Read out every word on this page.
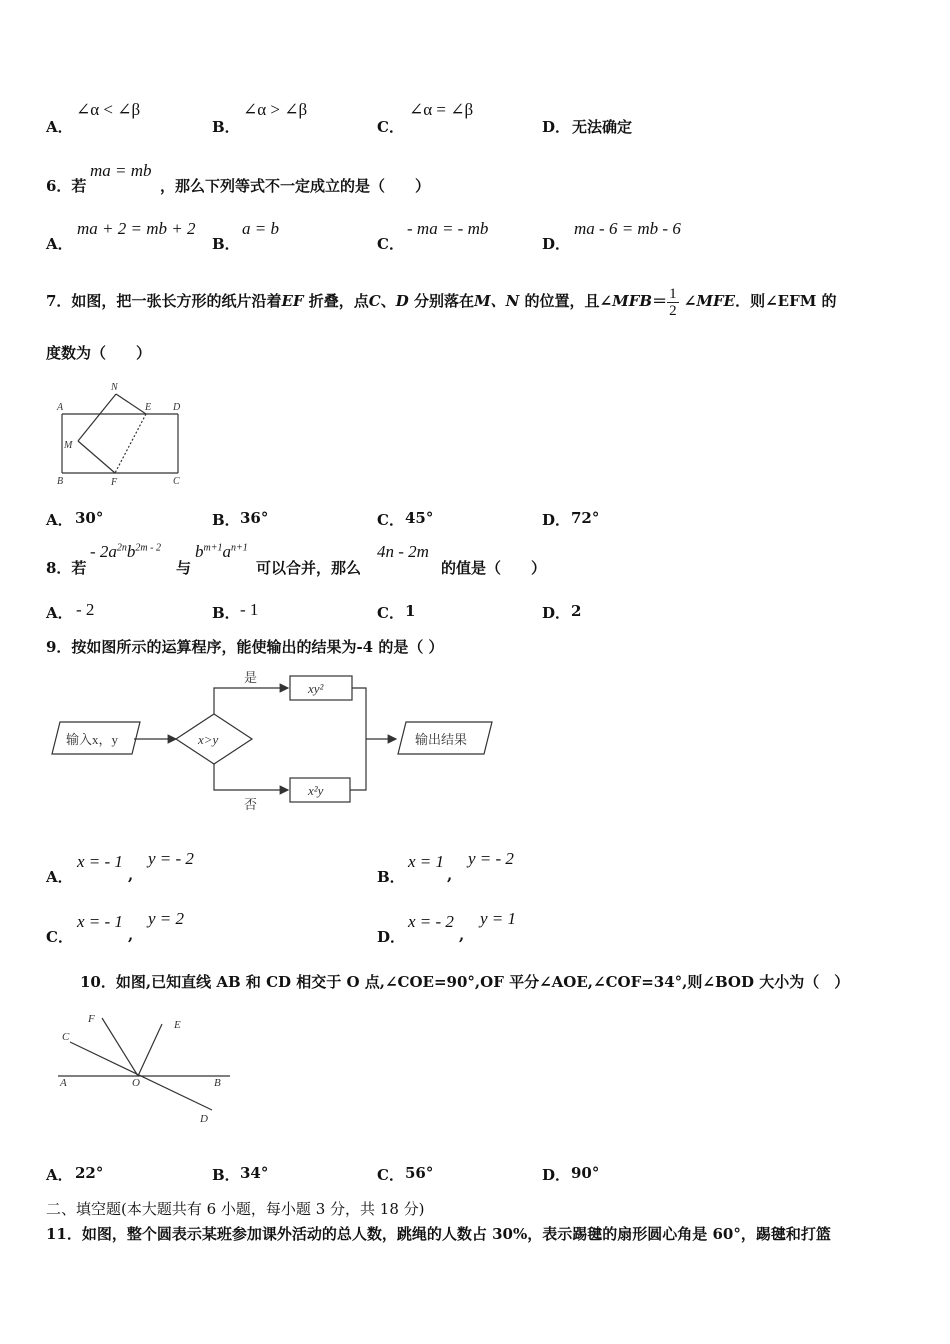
A．
∠α < ∠β
B．
∠α > ∠β
C．
∠α = ∠β
D． 无法确定
6．若
ma = mb
，那么下列等式不一定成立的是（　　）
A．
ma + 2 = mb + 2
B．
a = b
C．
- ma = - mb
D．
ma - 6 = mb - 6
7．如图，把一张长方形的纸片沿着EF 折叠，点C、D 分别落在M、N 的位置，且∠MFB＝ $\frac{1}{2}$ ∠MFE．则∠EFM 的
度数为（　　）
A
B	C
D
E
F
M
N
A． 30°	B． 36°	C． 45°	D． 72°
8．若
- $2a^{2n}b^{2m - 2}$
与
$b^{m+1}a^{n+1}$
可以合并，那么
4n - 2m
的值是（　　）
A． - 2	B． - 1	C． 1	D． 2
9．按如图所示的运算程序，能使输出的结果为-4 的是（ ）
输入x，y	x>y
是
否
xy²
x²y
输出结果
A．
x = - 1
,
y = - 2
B．
x = 1
,
y = - 2
C．
x = - 1
,
y = 2
D．
x = - 2
,
y = 1
10．如图,已知直线 AB 和 CD 相交于 O 点,∠COE=90°,OF 平分∠AOE,∠COF=34°,则∠BOD 大小为（　）
A	B
C
D
E
F
O
A． 22°	B． 34°	C． 56°	D． 90°
二、填空题(本大题共有 6 小题，每小题 3 分，共 18 分)
11．如图，整个圆表示某班参加课外活动的总人数，跳绳的人数占 30%，表示踢毽的扇形圆心角是 60°，踢毽和打篮
